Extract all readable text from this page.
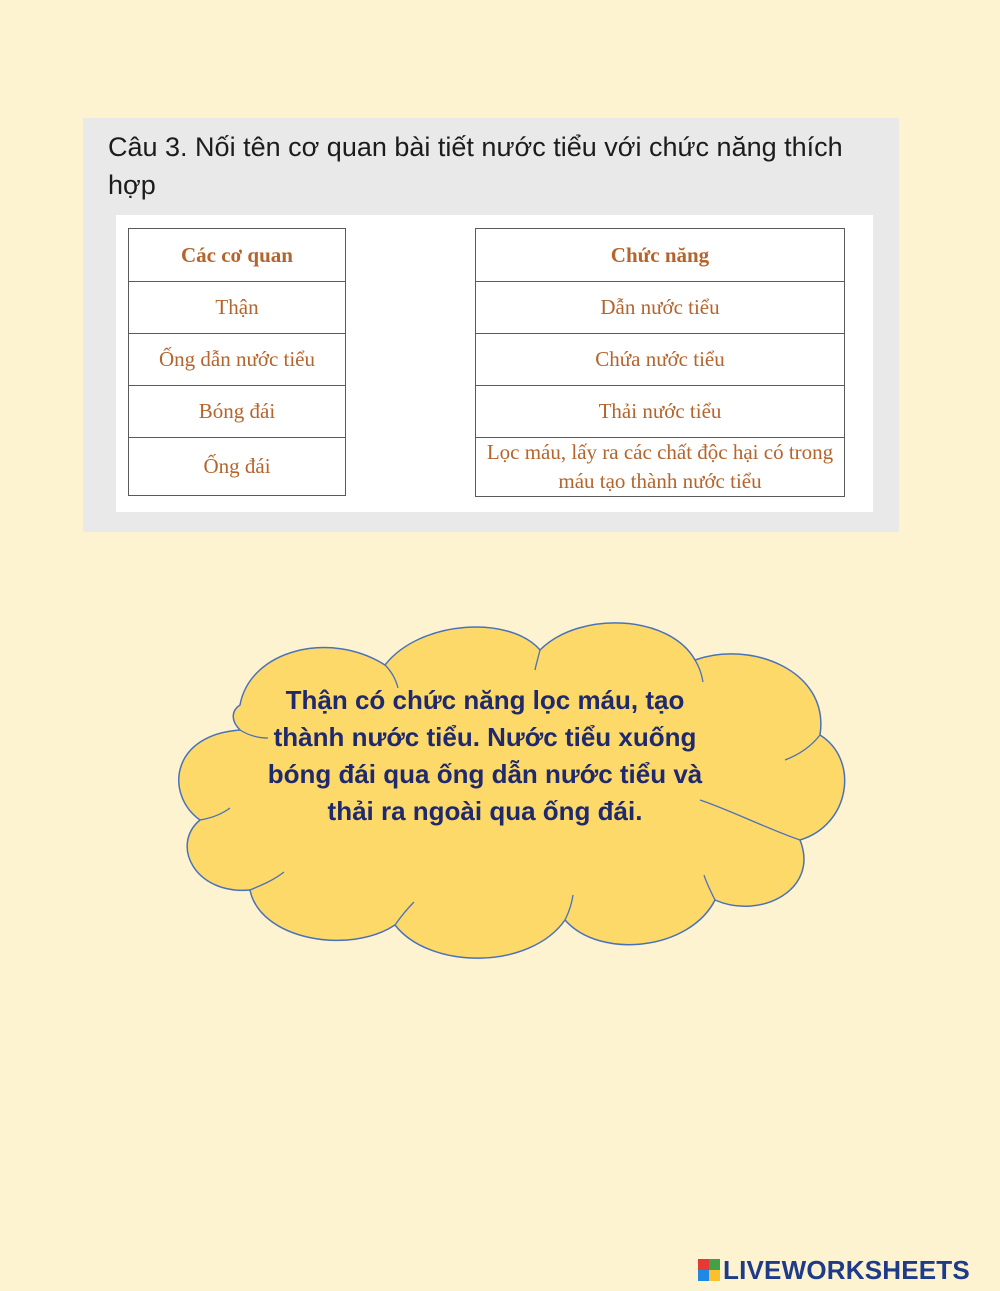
Câu 3. Nối tên cơ quan bài tiết nước tiểu với chức năng thích hợp
Các cơ quan
Thận
Ống dẫn nước tiểu
Bóng đái
Ống đái
Chức năng
Dẫn nước tiểu
Chứa nước tiểu
Thải nước tiểu
Lọc máu, lấy ra các chất độc hại có trong máu tạo thành nước tiểu

Thận có chức năng lọc máu, tạo thành nước tiểu. Nước tiểu xuống bóng đái qua ống dẫn nước tiểu và thải ra ngoài qua ống đái.

LIVEWORKSHEETS
